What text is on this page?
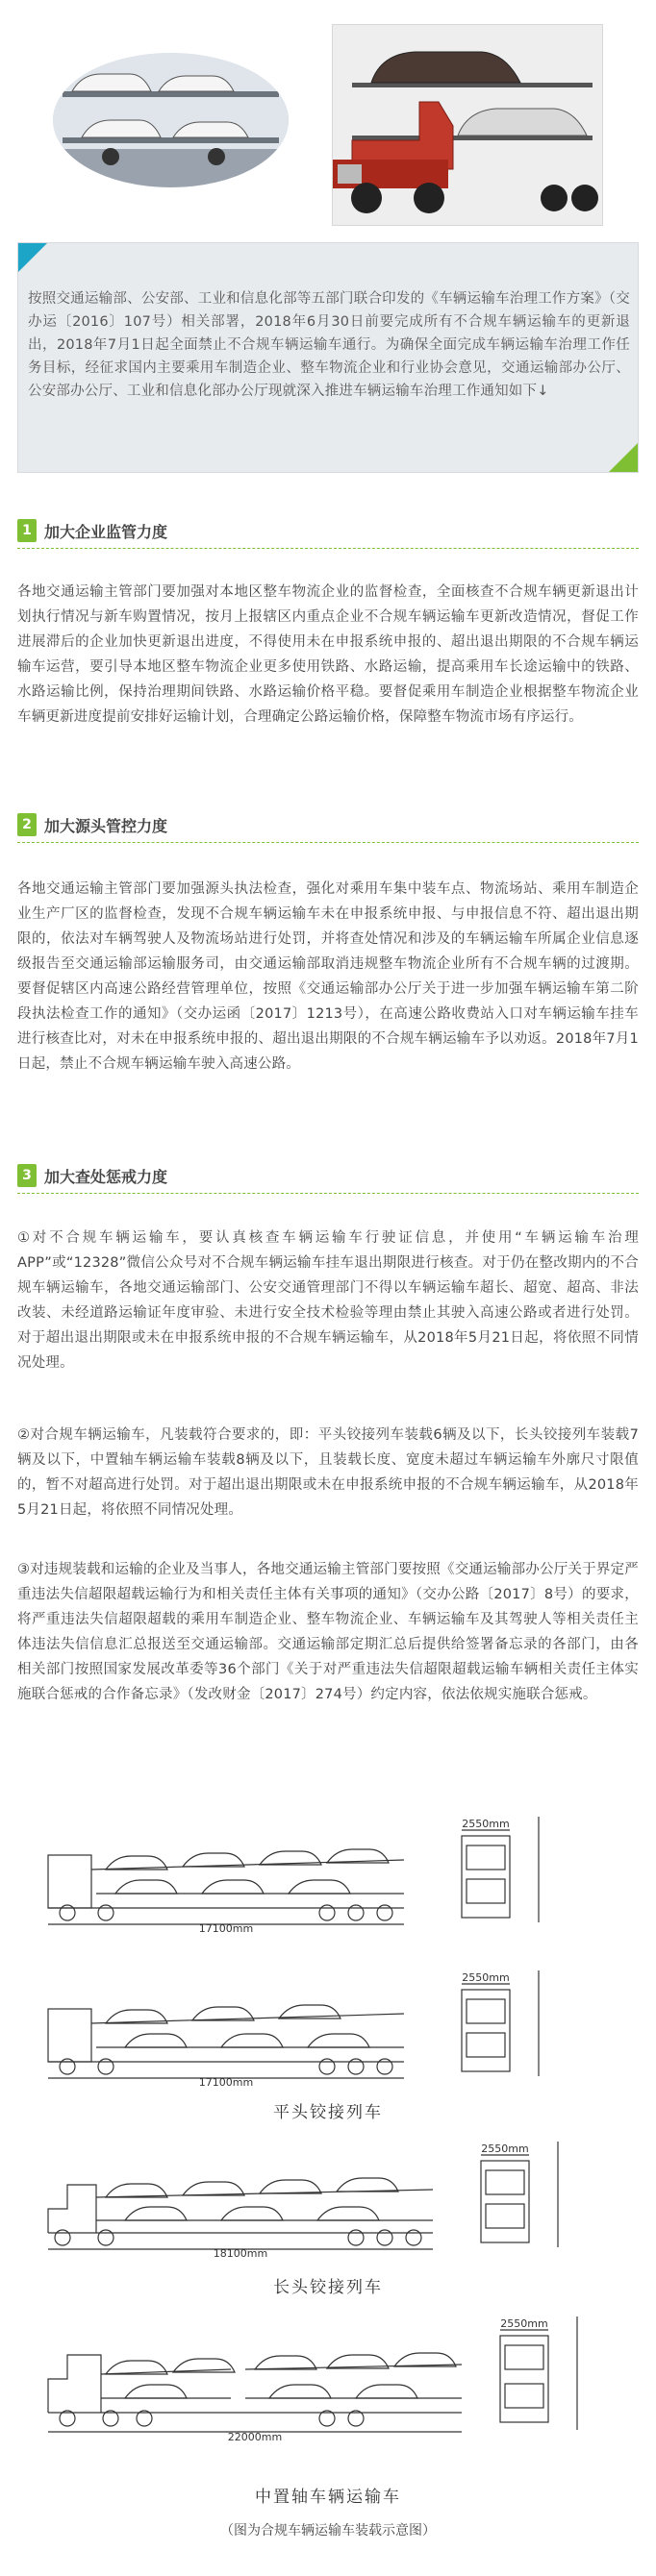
按照交通运输部、公安部、工业和信息化部等五部门联合印发的《车辆运输车治理工作方案》（交办运〔2016〕107号）相关部署，2018年6月30日前要完成所有不合规车辆运输车的更新退出，2018年7月1日起全面禁止不合规车辆运输车通行。为确保全面完成车辆运输车治理工作任务目标，经征求国内主要乘用车制造企业、整车物流企业和行业协会意见，交通运输部办公厅、公安部办公厅、工业和信息化部办公厅现就深入推进车辆运输车治理工作通知如下↓

1 加大企业监管力度

各地交通运输主管部门要加强对本地区整车物流企业的监督检查，全面核查不合规车辆更新退出计划执行情况与新车购置情况，按月上报辖区内重点企业不合规车辆运输车更新改造情况，督促工作进展滞后的企业加快更新退出进度，不得使用未在申报系统申报的、超出退出期限的不合规车辆运输车运营，要引导本地区整车物流企业更多使用铁路、水路运输，提高乘用车长途运输中的铁路、水路运输比例，保持治理期间铁路、水路运输价格平稳。要督促乘用车制造企业根据整车物流企业车辆更新进度提前安排好运输计划，合理确定公路运输价格，保障整车物流市场有序运行。

2 加大源头管控力度

各地交通运输主管部门要加强源头执法检查，强化对乘用车集中装车点、物流场站、乘用车制造企业生产厂区的监督检查，发现不合规车辆运输车未在申报系统申报、与申报信息不符、超出退出期限的，依法对车辆驾驶人及物流场站进行处罚，并将查处情况和涉及的车辆运输车所属企业信息逐级报告至交通运输部运输服务司，由交通运输部取消违规整车物流企业所有不合规车辆的过渡期。要督促辖区内高速公路经营管理单位，按照《交通运输部办公厅关于进一步加强车辆运输车第二阶段执法检查工作的通知》（交办运函〔2017〕1213号），在高速公路收费站入口对车辆运输车挂车进行核查比对，对未在申报系统申报的、超出退出期限的不合规车辆运输车予以劝返。2018年7月1日起，禁止不合规车辆运输车驶入高速公路。

3 加大查处惩戒力度

①对不合规车辆运输车，要认真核查车辆运输车行驶证信息，并使用“车辆运输车治理APP”或“12328”微信公众号对不合规车辆运输车挂车退出期限进行核查。对于仍在整改期内的不合规车辆运输车，各地交通运输部门、公安交通管理部门不得以车辆运输车超长、超宽、超高、非法改装、未经道路运输证年度审验、未进行安全技术检验等理由禁止其驶入高速公路或者进行处罚。对于超出退出期限或未在申报系统申报的不合规车辆运输车，从2018年5月21日起，将依照不同情况处理。

②对合规车辆运输车，凡装载符合要求的，即：平头铰接列车装载6辆及以下，长头铰接列车装载7辆及以下，中置轴车辆运输车装载8辆及以下，且装载长度、宽度未超过车辆运输车外廓尺寸限值的，暂不对超高进行处罚。对于超出退出期限或未在申报系统申报的不合规车辆运输车，从2018年5月21日起，将依照不同情况处理。

③对违规装载和运输的企业及当事人，各地交通运输主管部门要按照《交通运输部办公厅关于界定严重违法失信超限超载运输行为和相关责任主体有关事项的通知》（交办公路〔2017〕8号）的要求，将严重违法失信超限超载的乘用车制造企业、整车物流企业、车辆运输车及其驾驶人等相关责任主体违法失信信息汇总报送至交通运输部。交通运输部定期汇总后提供给签署备忘录的各部门，由各相关部门按照国家发展改革委等36个部门《关于对严重违法失信超限超载运输车辆相关责任主体实施联合惩戒的合作备忘录》（发改财金〔2017〕274号）约定内容，依法依规实施联合惩戒。

17100mm
2550mm
17100mm
2550mm
平头铰接列车
18100mm
2550mm
长头铰接列车
22000mm
2550mm
中置轴车辆运输车
（图为合规车辆运输车装载示意图）
